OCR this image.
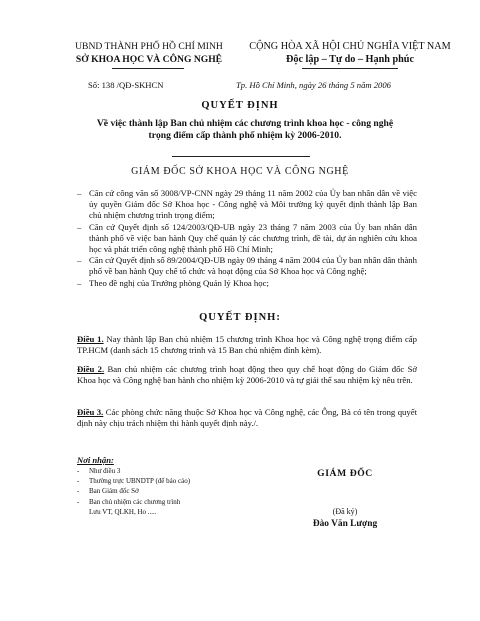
UBND THÀNH PHỐ HỒ CHÍ MINH
SỞ KHOA HỌC VÀ CÔNG NGHỆ
CỘNG HÒA XÃ HỘI CHỦ NGHĨA VIỆT NAM
Độc lập – Tự do – Hạnh phúc
Số: 138 /QĐ-SKHCN	Tp. Hồ Chí Minh, ngày 26 tháng 5 năm 2006
QUYẾT ĐỊNH
Về việc thành lập Ban chủ nhiệm các chương trình khoa học - công nghệ
trọng điểm cấp thành phố nhiệm kỳ 2006-2010.
GIÁM ĐỐC SỞ KHOA HỌC VÀ CÔNG NGHỆ
– Căn cứ công văn số 3008/VP-CNN ngày 29 tháng 11 năm 2002 của Ủy ban nhân dân về việc ủy quyền Giám đốc Sở Khoa học - Công nghệ và Môi trường ký quyết định thành lập Ban chủ nhiệm chương trình trọng điểm;
– Căn cứ Quyết định số 124/2003/QĐ-UB ngày 23 tháng 7 năm 2003 của Ủy ban nhân dân thành phố về việc ban hành Quy chế quản lý các chương trình, đề tài, dự án nghiên cứu khoa học và phát triển công nghệ thành phố Hồ Chí Minh;
– Căn cứ Quyết định số 89/2004/QĐ-UB ngày 09 tháng 4 năm 2004 của Ủy ban nhân dân thành phố về ban hành Quy chế tổ chức và hoạt động của Sở Khoa học và Công nghệ;
– Theo đề nghị của Trưởng phòng Quản lý Khoa học;
QUYẾT ĐỊNH:
Điều 1. Nay thành lập Ban chủ nhiệm 15 chương trình Khoa học và Công nghệ trọng điểm cấp TP.HCM (danh sách 15 chương trình và 15 Ban chủ nhiệm đính kèm).
Điều 2. Ban chủ nhiệm các chương trình hoạt động theo quy chế hoạt động do Giám đốc Sở Khoa học và Công nghệ ban hành cho nhiệm kỳ 2006-2010 và tự giải thể sau nhiệm kỳ nêu trên.
Điều 3. Các phòng chức năng thuộc Sở Khoa học và Công nghệ, các Ông, Bà có tên trong quyết định này chịu trách nhiệm thi hành quyết định này./.
Nơi nhận:
- Như điều 3
- Thường trực UBNDTP (để báo cáo)
- Ban Giám đốc Sở
- Ban chủ nhiệm các chương trình
Lưu VT, QLKH, Ho .....
GIÁM ĐỐC
(Đã ký)
Đào Văn Lượng
